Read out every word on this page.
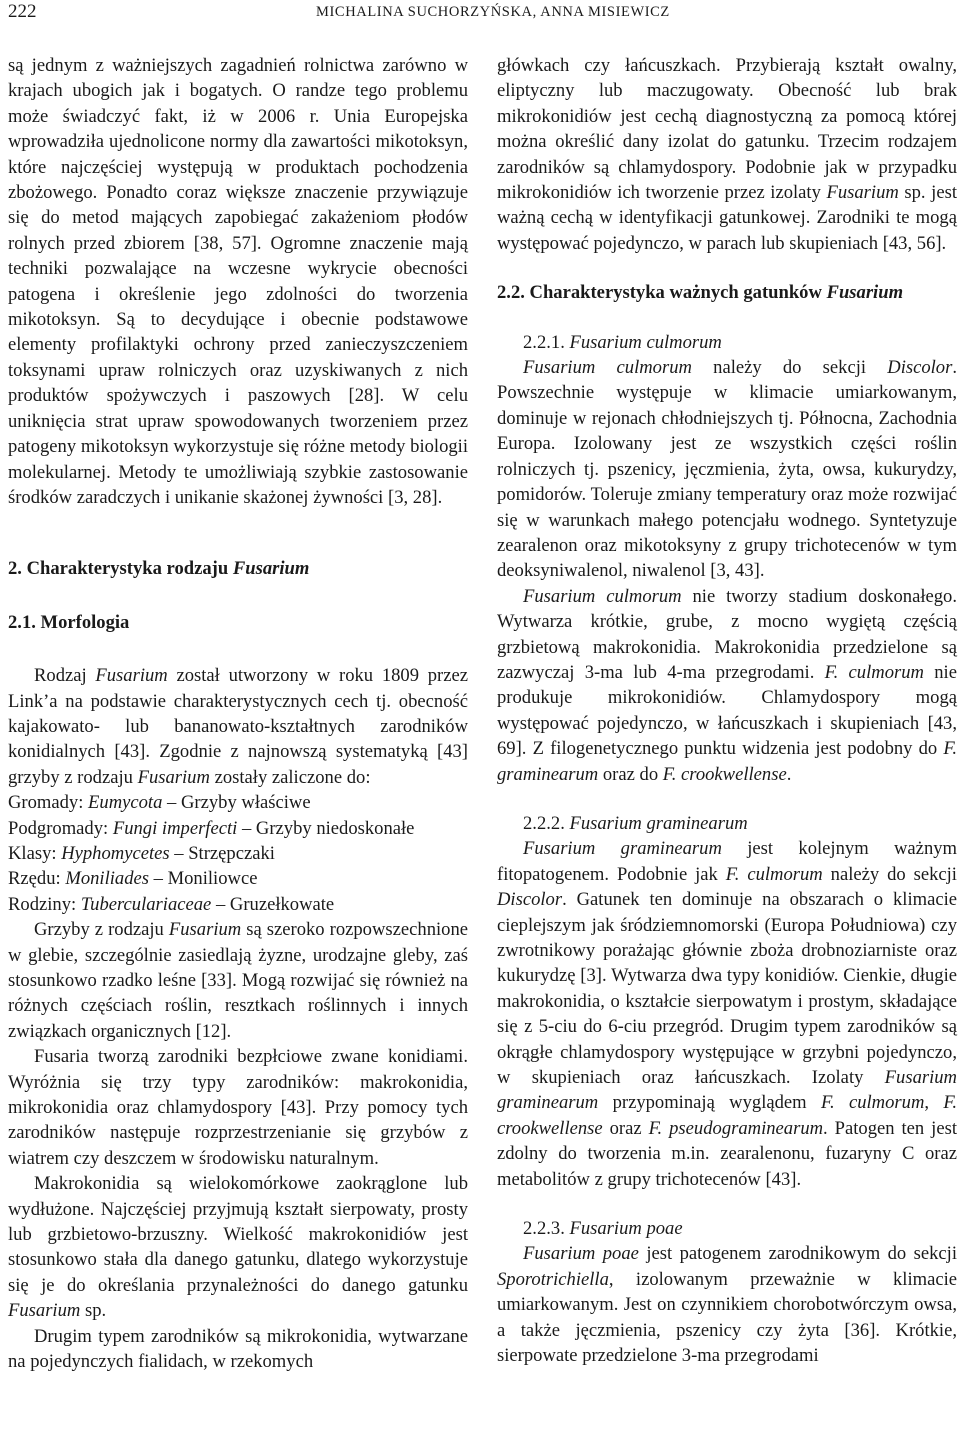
222	MICHALINA SUCHORZYŃSKA, ANNA MISIEWICZ

są jednym z ważniejszych zagadnień rolnictwa zarówno w krajach ubogich jak i bogatych. O randze tego problemu może świadczyć fakt, iż w 2006 r. Unia Europejska wprowadziła ujednolicone normy dla zawartości mikotoksyn, które najczęściej występują w produktach pochodzenia zbożowego. Ponadto coraz większe znaczenie przywiązuje się do metod mających zapobiegać zakażeniom płodów rolnych przed zbiorem [38, 57]. Ogromne znaczenie mają techniki pozwalające na wczesne wykrycie obecności patogena i określenie jego zdolności do tworzenia mikotoksyn. Są to decydujące i obecnie podstawowe elementy profilaktyki ochrony przed zanieczyszczeniem toksynami upraw rolniczych oraz uzyskiwanych z nich produktów spożywczych i paszowych [28]. W celu uniknięcia strat upraw spowodowanych tworzeniem przez patogeny mikotoksyn wykorzystuje się różne metody biologii molekularnej. Metody te umożliwiają szybkie zastosowanie środków zaradczych i unikanie skażonej żywności [3, 28].

2. Charakterystyka rodzaju Fusarium
2.1. Morfologia

Rodzaj Fusarium został utworzony w roku 1809 przez Link’a na podstawie charakterystycznych cech tj. obecność kajakowato- lub bananowato-kształtnych zarodników konidialnych [43]. Zgodnie z najnowszą systematyką [43] grzyby z rodzaju Fusarium zostały zaliczone do:

Gromady: Eumycota – Grzyby właściwe

Podgromady: Fungi imperfecti – Grzyby niedoskonałe

Klasy: Hyphomycetes – Strzępczaki

Rzędu: Moniliades – Moniliowce

Rodziny: Tuberculariaceae – Gruzełkowate

Grzyby z rodzaju Fusarium są szeroko rozpowszechnione w glebie, szczególnie zasiedlają żyzne, urodzajne gleby, zaś stosunkowo rzadko leśne [33]. Mogą rozwijać się również na różnych częściach roślin, resztkach roślinnych i innych związkach organicznych [12].

Fusaria tworzą zarodniki bezpłciowe zwane konidiami. Wyróżnia się trzy typy zarodników: makrokonidia, mikrokonidia oraz chlamydospory [43]. Przy pomocy tych zarodników następuje rozprzestrzenianie się grzybów z wiatrem czy deszczem w środowisku naturalnym.

Makrokonidia są wielokomórkowe zaokrąglone lub wydłużone. Najczęściej przyjmują kształt sierpowaty, prosty lub grzbietowo-brzuszny. Wielkość makrokonidiów jest stosunkowo stała dla danego gatunku, dlatego wykorzystuje się je do określania przynależności do danego gatunku Fusarium sp.

Drugim typem zarodników są mikrokonidia, wytwarzane na pojedynczych fialidach, w rzekomych

główkach czy łańcuszkach. Przybierają kształt owalny, eliptyczny lub maczugowaty. Obecność lub brak mikrokonidiów jest cechą diagnostyczną za pomocą której można określić dany izolat do gatunku. Trzecim rodzajem zarodników są chlamydospory. Podobnie jak w przypadku mikrokonidiów ich tworzenie przez izolaty Fusarium sp. jest ważną cechą w identyfikacji gatunkowej. Zarodniki te mogą występować pojedynczo, w parach lub skupieniach [43, 56].

2.2. Charakterystyka ważnych gatunków Fusarium
2.2.1. Fusarium culmorum

Fusarium culmorum należy do sekcji Discolor. Powszechnie występuje w klimacie umiarkowanym, dominuje w rejonach chłodniejszych tj. Północna, Zachodnia Europa. Izolowany jest ze wszystkich części roślin rolniczych tj. pszenicy, jęczmienia, żyta, owsa, kukurydzy, pomidorów. Toleruje zmiany temperatury oraz może rozwijać się w warunkach małego potencjału wodnego. Syntetyzuje zearalenon oraz mikotoksyny z grupy trichotecenów w tym deoksyniwalenol, niwalenol [3, 43].

Fusarium culmorum nie tworzy stadium doskonałego. Wytwarza krótkie, grube, z mocno wygiętą częścią grzbietową makrokonidia. Makrokonidia przedzielone są zazwyczaj 3-ma lub 4-ma przegrodami. F. culmorum nie produkuje mikrokonidiów. Chlamydospory mogą występować pojedynczo, w łańcuszkach i skupieniach [43, 69]. Z filogenetycznego punktu widzenia jest podobny do F. graminearum oraz do F. crookwellense.

2.2.2. Fusarium graminearum

Fusarium graminearum jest kolejnym ważnym fitopatogenem. Podobnie jak F. culmorum należy do sekcji Discolor. Gatunek ten dominuje na obszarach o klimacie cieplejszym jak śródziemnomorski (Europa Południowa) czy zwrotnikowy porażając głównie zboża drobnoziarniste oraz kukurydzę [3]. Wytwarza dwa typy konidiów. Cienkie, długie makrokonidia, o kształcie sierpowatym i prostym, składające się z 5-ciu do 6-ciu przegród. Drugim typem zarodników są okrągłe chlamydospory występujące w grzybni pojedynczo, w skupieniach oraz łańcuszkach. Izolaty Fusarium graminearum przypominają wyglądem F. culmorum, F. crookwellense oraz F. pseudograminearum. Patogen ten jest zdolny do tworzenia m.in. zearalenonu, fuzaryny C oraz metabolitów z grupy trichotecenów [43].

2.2.3. Fusarium poae

Fusarium poae jest patogenem zarodnikowym do sekcji Sporotrichiella, izolowanym przeważnie w klimacie umiarkowanym. Jest on czynnikiem chorobotwórczym owsa, a także jęczmienia, pszenicy czy żyta [36]. Krótkie, sierpowate przedzielone 3-ma przegrodami
